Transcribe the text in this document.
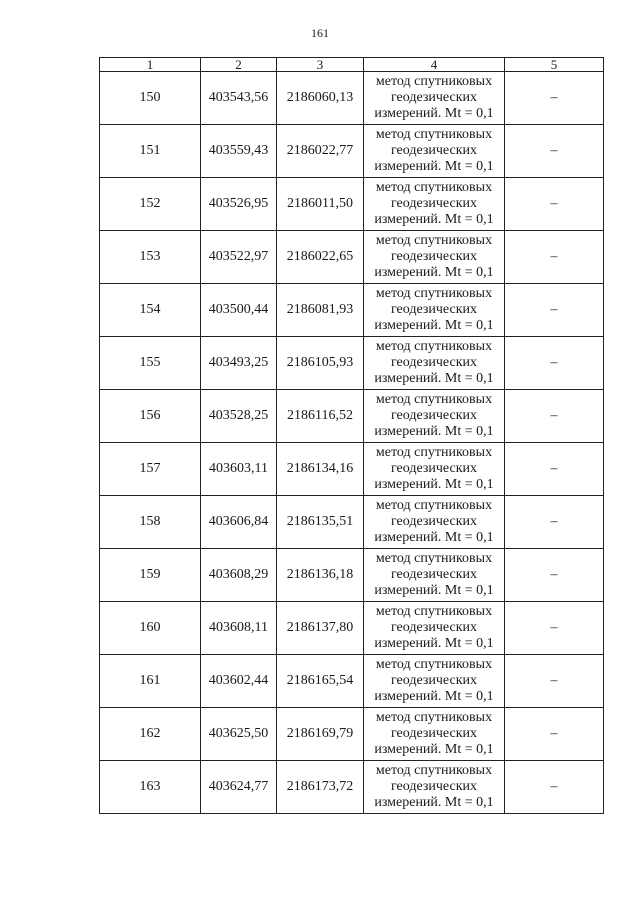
161
1	2	3	4	5
150	403543,56	2186060,13	метод спутниковых
геодезических
измерений. Mt = 0,1	–
151	403559,43	2186022,77	метод спутниковых
геодезических
измерений. Mt = 0,1	–
152	403526,95	2186011,50	метод спутниковых
геодезических
измерений. Mt = 0,1	–
153	403522,97	2186022,65	метод спутниковых
геодезических
измерений. Mt = 0,1	–
154	403500,44	2186081,93	метод спутниковых
геодезических
измерений. Mt = 0,1	–
155	403493,25	2186105,93	метод спутниковых
геодезических
измерений. Mt = 0,1	–
156	403528,25	2186116,52	метод спутниковых
геодезических
измерений. Mt = 0,1	–
157	403603,11	2186134,16	метод спутниковых
геодезических
измерений. Mt = 0,1	–
158	403606,84	2186135,51	метод спутниковых
геодезических
измерений. Mt = 0,1	–
159	403608,29	2186136,18	метод спутниковых
геодезических
измерений. Mt = 0,1	–
160	403608,11	2186137,80	метод спутниковых
геодезических
измерений. Mt = 0,1	–
161	403602,44	2186165,54	метод спутниковых
геодезических
измерений. Mt = 0,1	–
162	403625,50	2186169,79	метод спутниковых
геодезических
измерений. Mt = 0,1	–
163	403624,77	2186173,72	метод спутниковых
геодезических
измерений. Mt = 0,1	–
